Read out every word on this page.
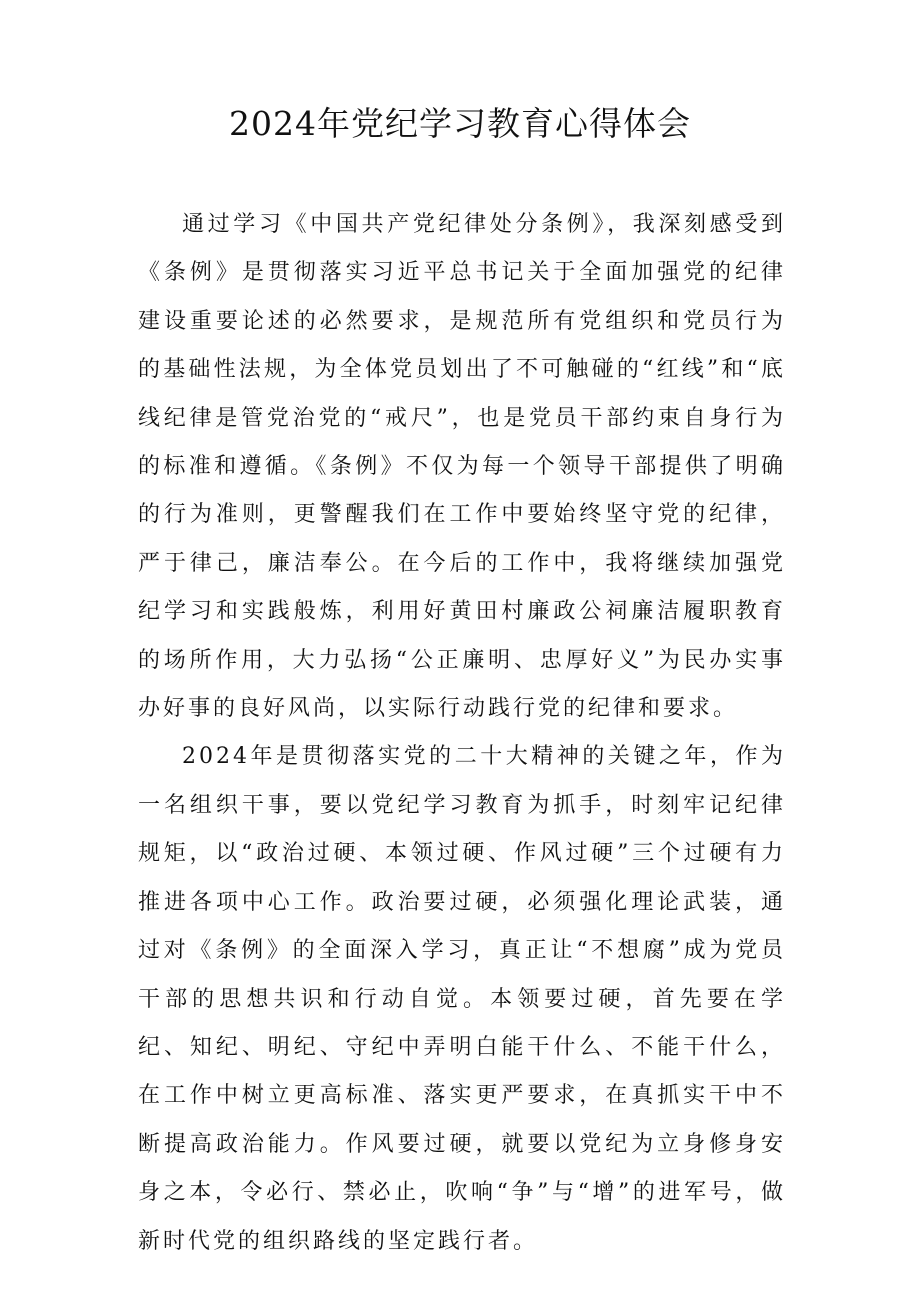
2024年党纪学习教育心得体会

通过学习《中国共产党纪律处分条例》，我深刻感受到《条例》是贯彻落实习近平总书记关于全面加强党的纪律建设重要论述的必然要求，是规范所有党组织和党员行为的基础性法规，为全体党员划出了不可触碰的“红线”和“底线纪律是管党治党的“戒尺”，也是党员干部约束自身行为的标准和遵循。《条例》不仅为每一个领导干部提供了明确的行为准则，更警醒我们在工作中要始终坚守党的纪律，严于律己，廉洁奉公。在今后的工作中，我将继续加强党纪学习和实践般炼，利用好黄田村廉政公祠廉洁履职教育的场所作用，大力弘扬“公正廉明、忠厚好义”为民办实事办好事的良好风尚，以实际行动践行党的纪律和要求。

2024年是贯彻落实党的二十大精神的关键之年，作为一名组织干事，要以党纪学习教育为抓手，时刻牢记纪律规矩，以“政治过硬、本领过硬、作风过硬”三个过硬有力推进各项中心工作。政治要过硬，必须强化理论武装，通过对《条例》的全面深入学习，真正让“不想腐”成为党员干部的思想共识和行动自觉。本领要过硬，首先要在学纪、知纪、明纪、守纪中弄明白能干什么、不能干什么，在工作中树立更高标准、落实更严要求，在真抓实干中不断提高政治能力。作风要过硬，就要以党纪为立身修身安身之本，令必行、禁必止，吹响“争”与“增”的进军号，做新时代党的组织路线的坚定践行者。
